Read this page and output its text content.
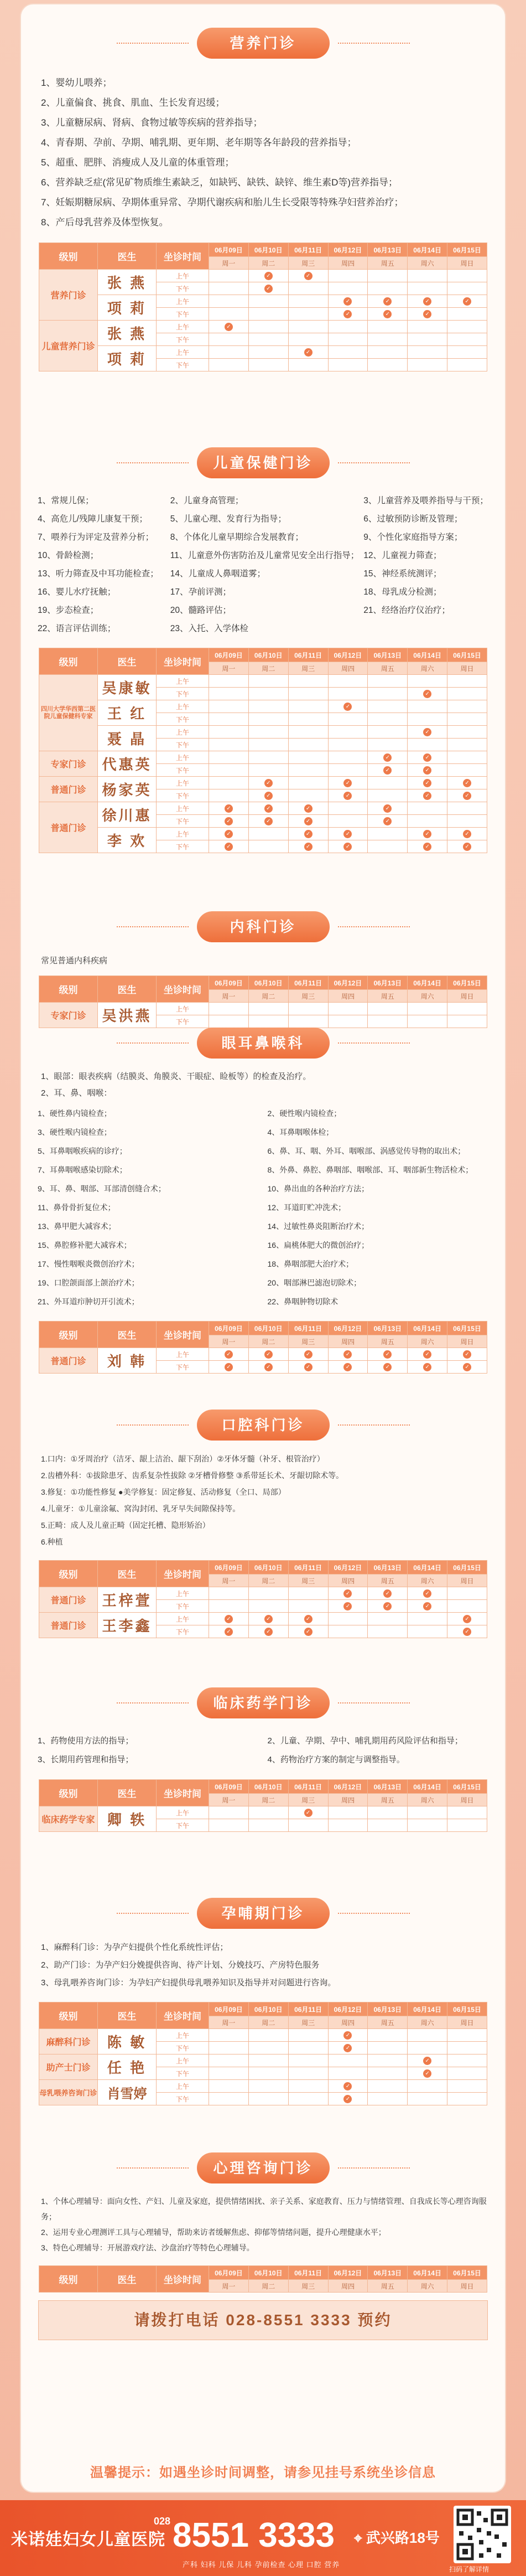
营养门诊
1、婴幼儿喂养；
2、儿童偏食、挑食、肌血、生长发育迟缓；
3、儿童糖尿病、肾病、食物过敏等疾病的营养指导；
4、青春期、孕前、孕期、哺乳期、更年期、老年期等各年龄段的营养指导；
5、超重、肥胖、消瘦成人及儿童的体重管理；
6、营养缺乏症(常见矿物质维生素缺乏，如缺钙、缺铁、缺锌、维生素D等)营养指导；
7、妊娠期糖尿病、孕期体重异常、孕期代谢疾病和胎儿生长受限等特殊孕妇营养治疗；
8、产后母乳营养及体型恢复。
级别	医生	坐诊时间	06月09日	06月10日	06月11日	06月12日	06月13日	06月14日	06月15日
			周一	周二	周三	周四	周五	周六	周日
营养门诊	张 燕	上午		✓	✓				
		下午		✓					
	项 莉	上午				✓	✓	✓	✓
		下午				✓	✓	✓	
儿童营养门诊	张 燕	上午	✓						
		下午							
	项 莉	上午			✓				
		下午							
儿童保健门诊
1、常规儿保；	2、儿童身高管理；	3、儿童营养及喂养指导与干预；
4、高危儿/残障儿康复干预；	5、儿童心理、发育行为指导；	6、过敏预防诊断及管理；
7、喂养行为评定及营养分析；	8、个体化儿童早期综合发展教育；	9、个性化家庭指导方案；
10、骨龄检测；	11、儿童意外伤害防治及儿童常见安全出行指导； 12、儿童视力筛查；
13、听力筛查及中耳功能检查；	14、儿童成人鼻咽道雾；	15、神经系统测评；
16、婴儿水疗抚触；	17、孕前评测；	18、母乳成分检测；
19、步态检查；	20、髓路评估；	21、经络治疗仪治疗；
22、语言评估训练；	23、入托、入学体检
级别	医生	坐诊时间	06月09日	06月10日	06月11日	06月12日	06月13日	06月14日	06月15日
			周一	周二	周三	周四	周五	周六	周日
四川大学华西第二医院儿童保健科专家	吴康敏	上午							
		下午						✓	
	王 红	上午				✓			
		下午							
	聂 晶	上午						✓	
		下午							
专家门诊	代惠英	上午					✓	✓	
		下午					✓	✓	
普通门诊	杨家英	上午		✓		✓		✓	✓
		下午		✓		✓		✓	✓
普通门诊	徐川惠	上午	✓	✓	✓		✓		
		下午	✓	✓	✓		✓		
	李 欢	上午	✓		✓	✓		✓	✓
		下午	✓		✓	✓		✓	✓
内科门诊
常见普通内科疾病
级别	医生	坐诊时间	06月09日	06月10日	06月11日	06月12日	06月13日	06月14日	06月15日
			周一	周二	周三	周四	周五	周六	周日
专家门诊	吴洪燕	上午							
		下午							
眼耳鼻喉科
1、眼部：眼表疾病（结膜炎、角膜炎、干眼症、睑板等）的检查及治疗。
2、耳、鼻、咽喉：
1、硬性鼻内镜检查；	2、硬性喉内镜检查；
3、硬性喉内镜检查；	4、耳鼻咽喉体检；
5、耳鼻咽喉疾病的诊疗；	6、鼻、耳、咽、外耳、咽喉部、涡感觉传导物的取出术；
7、耳鼻咽喉感染切除术；	8、外鼻、鼻腔、鼻咽部、咽喉部、耳、咽部新生物活检术；
9、耳、鼻、咽部、耳部清创缝合术；	10、鼻出血的各种治疗方法；
11、鼻骨骨折复位术；	12、耳道盯贮冲洗术；
13、鼻甲肥大减容术；	14、过敏性鼻炎阻断治疗术；
15、鼻腔修补肥大减容术；	16、扁桃体肥大的微创治疗；
17、慢性咽喉炎微创治疗术；	18、鼻咽部肥大治疗术；
19、口腔颌面部上颌治疗术；	20、咽部淋巴滤泡切除术；
21、外耳道疖肿切开引流术；	22、鼻咽肿物切除术
级别	医生	坐诊时间	06月09日	06月10日	06月11日	06月12日	06月13日	06月14日	06月15日
			周一	周二	周三	周四	周五	周六	周日
普通门诊	刘 韩	上午	✓	✓	✓	✓	✓	✓	✓
		下午	✓	✓	✓	✓	✓	✓	✓
口腔科门诊
1.口内：①牙周治疗（洁牙、龈上洁治、龈下刮治）②牙体牙髓（补牙、根管治疗）
2.齿槽外科：①拔除患牙、齿系复杂性拔除 ②牙槽骨修整 ③系带延长术、牙龈切除术等。
3.修复：①功能性修复 ●美学修复：固定修复、活动修复（全口、局部）
4.儿童牙：①儿童涂氟、窝沟封闭、乳牙早失间隙保持等。
5.正畸：成人及儿童正畸（固定托槽、隐形矫治）
6.种植
级别	医生	坐诊时间	06月09日	06月10日	06月11日	06月12日	06月13日	06月14日	06月15日
			周一	周二	周三	周四	周五	周六	周日
普通门诊	王梓萱	上午				✓	✓	✓	
		下午				✓	✓	✓	
普通门诊	王李鑫	上午	✓	✓	✓				✓
		下午	✓	✓	✓				✓
临床药学门诊
1、药物使用方法的指导；	2、儿童、孕期、孕中、哺乳期用药风险评估和指导；
3、长期用药管理和指导；	4、药物治疗方案的制定与调整指导。
级别	医生	坐诊时间	06月09日	06月10日	06月11日	06月12日	06月13日	06月14日	06月15日
			周一	周二	周三	周四	周五	周六	周日
临床药学专家	卿 轶	上午			✓				
		下午							
孕哺期门诊
1、麻醉科门诊：为孕产妇提供个性化系统性评估；
2、助产门诊：为孕产妇分娩提供咨询、待产计划、分娩技巧、产房特色服务
3、母乳喂养咨询门诊：为孕妇产妇提供母乳喂养知识及指导并对问题进行咨询。
级别	医生	坐诊时间	06月09日	06月10日	06月11日	06月12日	06月13日	06月14日	06月15日
			周一	周二	周三	周四	周五	周六	周日
麻醉科门诊	陈 敏	上午				✓			
		下午				✓			
助产士门诊	任 艳	上午						✓	
		下午						✓	
母乳喂养咨询门诊	肖雪婷	上午				✓			
		下午				✓			
心理咨询门诊
1、个体心理辅导：面向女性、产妇、儿童及家庭，提供情绪困扰、亲子关系、家庭教育、压力与情绪管理、自我成长等心理咨询服务；
2、运用专业心理测评工具与心理辅导，帮助来访者缓解焦虑、抑郁等情绪问题，提升心理健康水平；
3、特色心理辅导：开展游戏疗法、沙盘治疗等特色心理辅导。
级别	医生	坐诊时间	06月09日	06月10日	06月11日	06月12日	06月13日	06月14日	06月15日
			周一	周二	周三	周四	周五	周六	周日
请拨打电话 028-8551 3333 预约
温馨提示：如遇坐诊时间调整，请参见挂号系统坐诊信息
米诺娃妇女儿童医院
$^{028}$8551 3333
产科 妇科 儿保 儿科 孕前检查 心理 口腔 营养
⌖ 武兴路18号
扫码了解详情
